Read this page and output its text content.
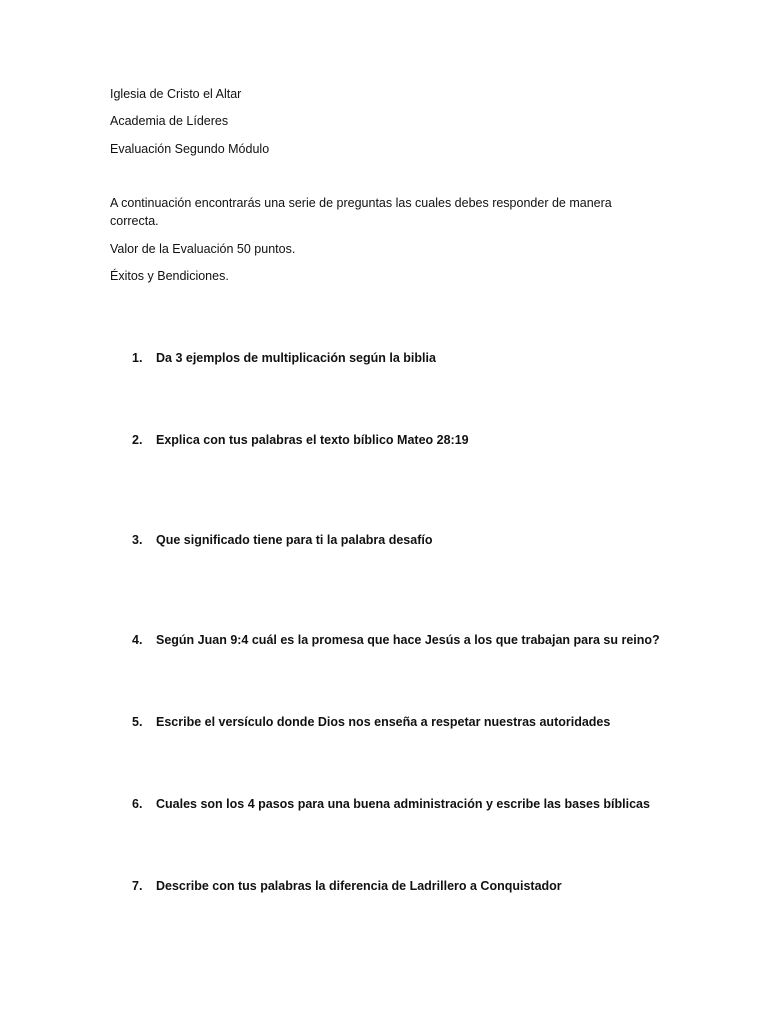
Iglesia de Cristo el Altar

Academia de Líderes

Evaluación Segundo Módulo

A continuación encontrarás una serie de preguntas las cuales debes responder de manera correcta.

Valor de la Evaluación 50 puntos.

Éxitos y Bendiciones.

1.	Da 3 ejemplos de multiplicación según la biblia
2.	Explica con tus palabras el texto bíblico Mateo 28:19
3.	Que significado tiene para ti la palabra desafío
4.	Según Juan 9:4 cuál es la promesa que hace Jesús a los que trabajan para su reino?
5.	Escribe el versículo donde Dios nos enseña a respetar nuestras autoridades
6.	Cuales son los 4 pasos para una buena administración y escribe las bases bíblicas
7.	Describe con tus palabras la diferencia de Ladrillero a Conquistador
